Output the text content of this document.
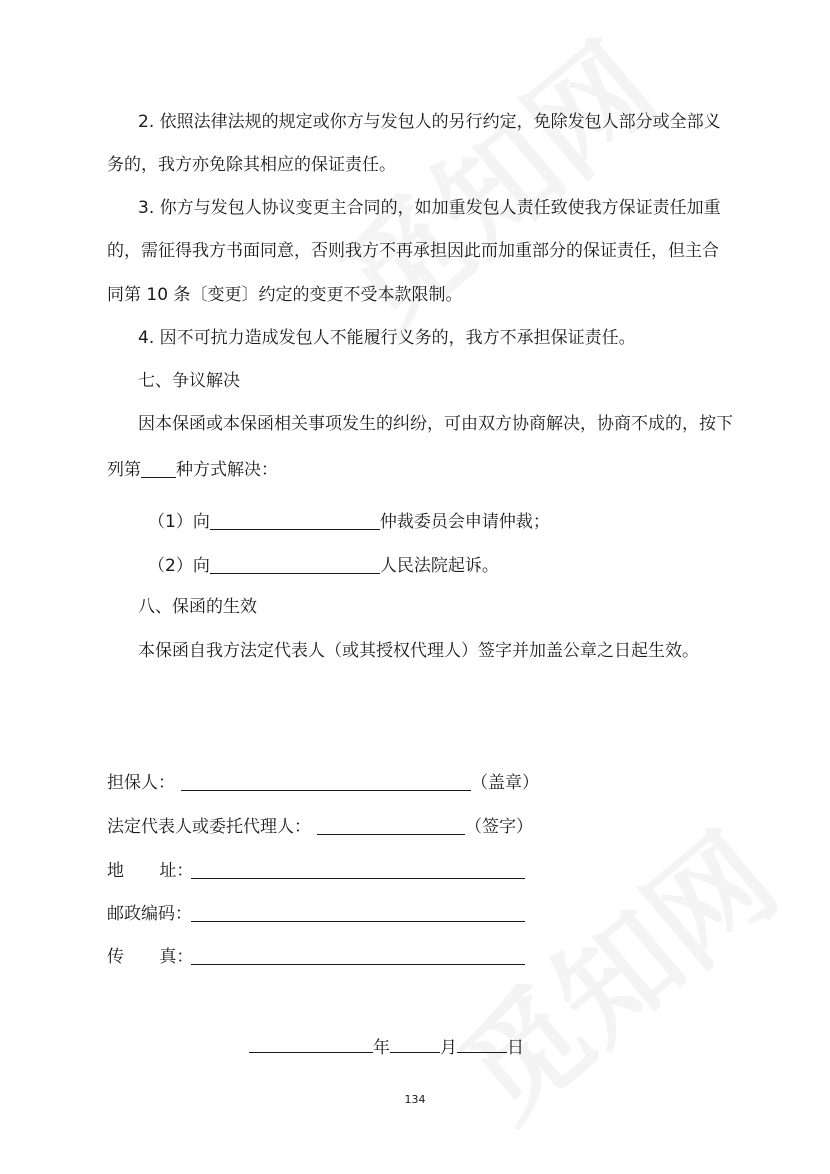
2. 依照法律法规的规定或你方与发包人的另行约定，免除发包人部分或全部义
务的，我方亦免除其相应的保证责任。
3. 你方与发包人协议变更主合同的，如加重发包人责任致使我方保证责任加重
的，需征得我方书面同意，否则我方不再承担因此而加重部分的保证责任，但主合
同第 10 条〔变更〕约定的变更不受本款限制。
4. 因不可抗力造成发包人不能履行义务的，我方不承担保证责任。
七、争议解决
因本保函或本保函相关事项发生的纠纷，可由双方协商解决，协商不成的，按下
列第 种方式解决：
（1）向	仲裁委员会申请仲裁；
（2）向	人民法院起诉。
八、保函的生效
本保函自我方法定代表人（或其授权代理人）签字并加盖公章之日起生效。
担保人：	（盖章）
法定代表人或委托代理人：	（签字）
地 址：
邮政编码：
传 真：
年	月	日
134
